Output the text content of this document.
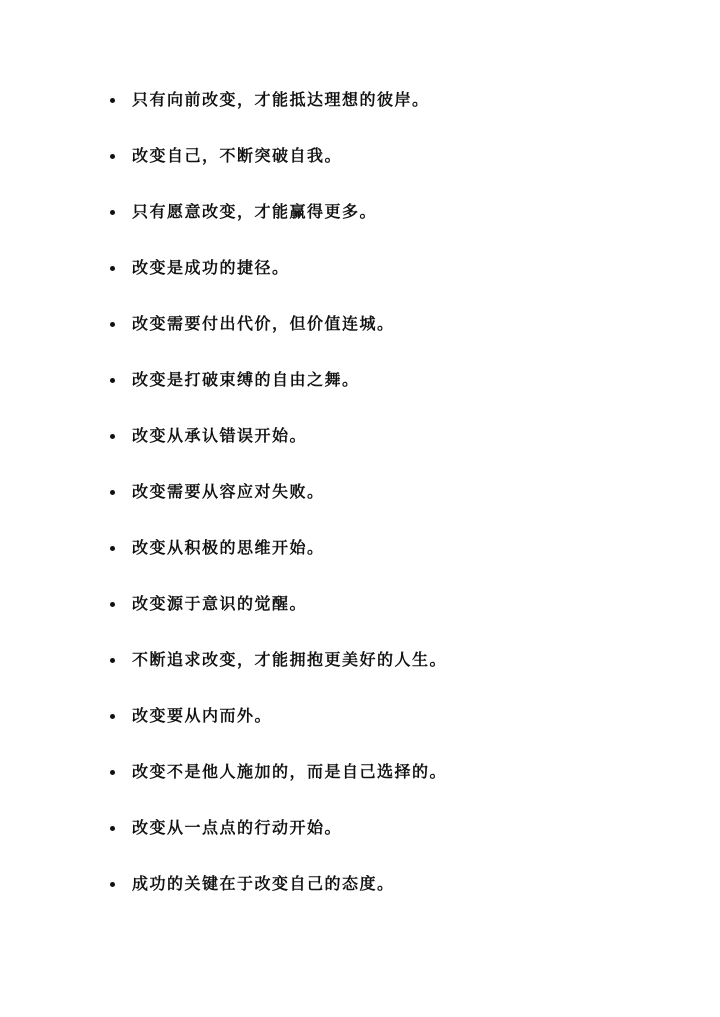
只有向前改变，才能抵达理想的彼岸。
改变自己，不断突破自我。
只有愿意改变，才能赢得更多。
改变是成功的捷径。
改变需要付出代价，但价值连城。
改变是打破束缚的自由之舞。
改变从承认错误开始。
改变需要从容应对失败。
改变从积极的思维开始。
改变源于意识的觉醒。
不断追求改变，才能拥抱更美好的人生。
改变要从内而外。
改变不是他人施加的，而是自己选择的。
改变从一点点的行动开始。
成功的关键在于改变自己的态度。
